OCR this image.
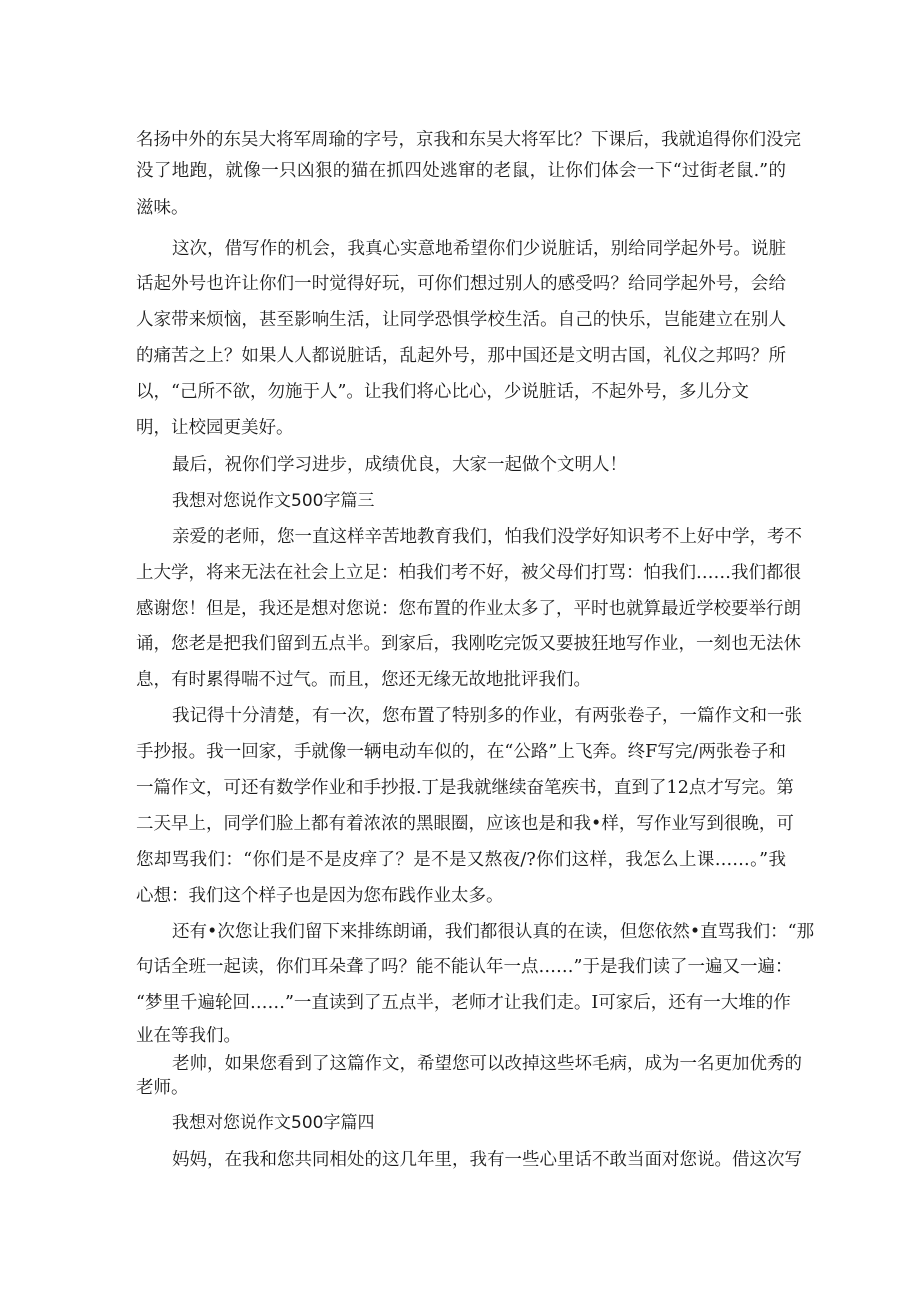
名扬中外的东吴大将军周瑜的字号，京我和东吴大将军比？下课后，我就追得你们没完
没了地跑，就像一只凶狠的猫在抓四处逃窜的老鼠，让你们体会一下“过街老鼠.”的
滋味。
这次，借写作的机会，我真心实意地希望你们少说脏话，别给同学起外号。说脏
话起外号也许让你们一时觉得好玩，可你们想过别人的感受吗？给同学起外号，会给
人家带来烦恼，甚至影响生活，让同学恐惧学校生活。自己的快乐，岂能建立在别人
的痛苦之上？如果人人都说脏话，乱起外号，那中国还是文明古国，礼仪之邦吗？所
以，“己所不欲，勿施于人”。让我们将心比心，少说脏话，不起外号，多儿分文
明，让校园更美好。
最后，祝你们学习进步，成绩优良，大家一起做个文明人！
我想对您说作文500字篇三
亲爱的老师，您一直这样辛苦地教育我们，怕我们没学好知识考不上好中学，考不
上大学，将来无法在社会上立足：柏我们考不好，被父母们打骂：怕我们……我们都很
感谢您！但是，我还是想对您说：您布置的作业太多了，平时也就算最近学校要举行朗
诵，您老是把我们留到五点半。到家后，我刚吃完饭又要披狂地写作业，一刻也无法休
息，有时累得喘不过气。而且，您还无缘无故地批评我们。
我记得十分清楚，有一次，您布置了特别多的作业，有两张卷子，一篇作文和一张
手抄报。我一回家，手就像一辆电动车似的，在“公路”上飞奔。终F写完/两张卷子和
一篇作文，可还有数学作业和手抄报.丁是我就继续奋笔疾书，直到了12点才写完。第
二天早上，同学们脸上都有着浓浓的黑眼圈，应该也是和我•样，写作业写到很晚，可
您却骂我们：“你们是不是皮痒了？是不是又熬夜/?你们这样，我怎么上课……。”我
心想：我们这个样子也是因为您布践作业太多。
还有•次您让我们留下来排练朗诵，我们都很认真的在读，但您依然•直骂我们：“那
句话全班一起读，你们耳朵聋了吗？能不能认年一点……”于是我们读了一遍又一遍：
“梦里千遍轮回……”一直读到了五点半，老师才让我们走。I可家后，还有一大堆的作
业在等我们。
老帅，如果您看到了这篇作文，希望您可以改掉这些坏毛病，成为一名更加优秀的
老师。
我想对您说作文500字篇四
妈妈，在我和您共同相处的这几年里，我有一些心里话不敢当面对您说。借这次写
